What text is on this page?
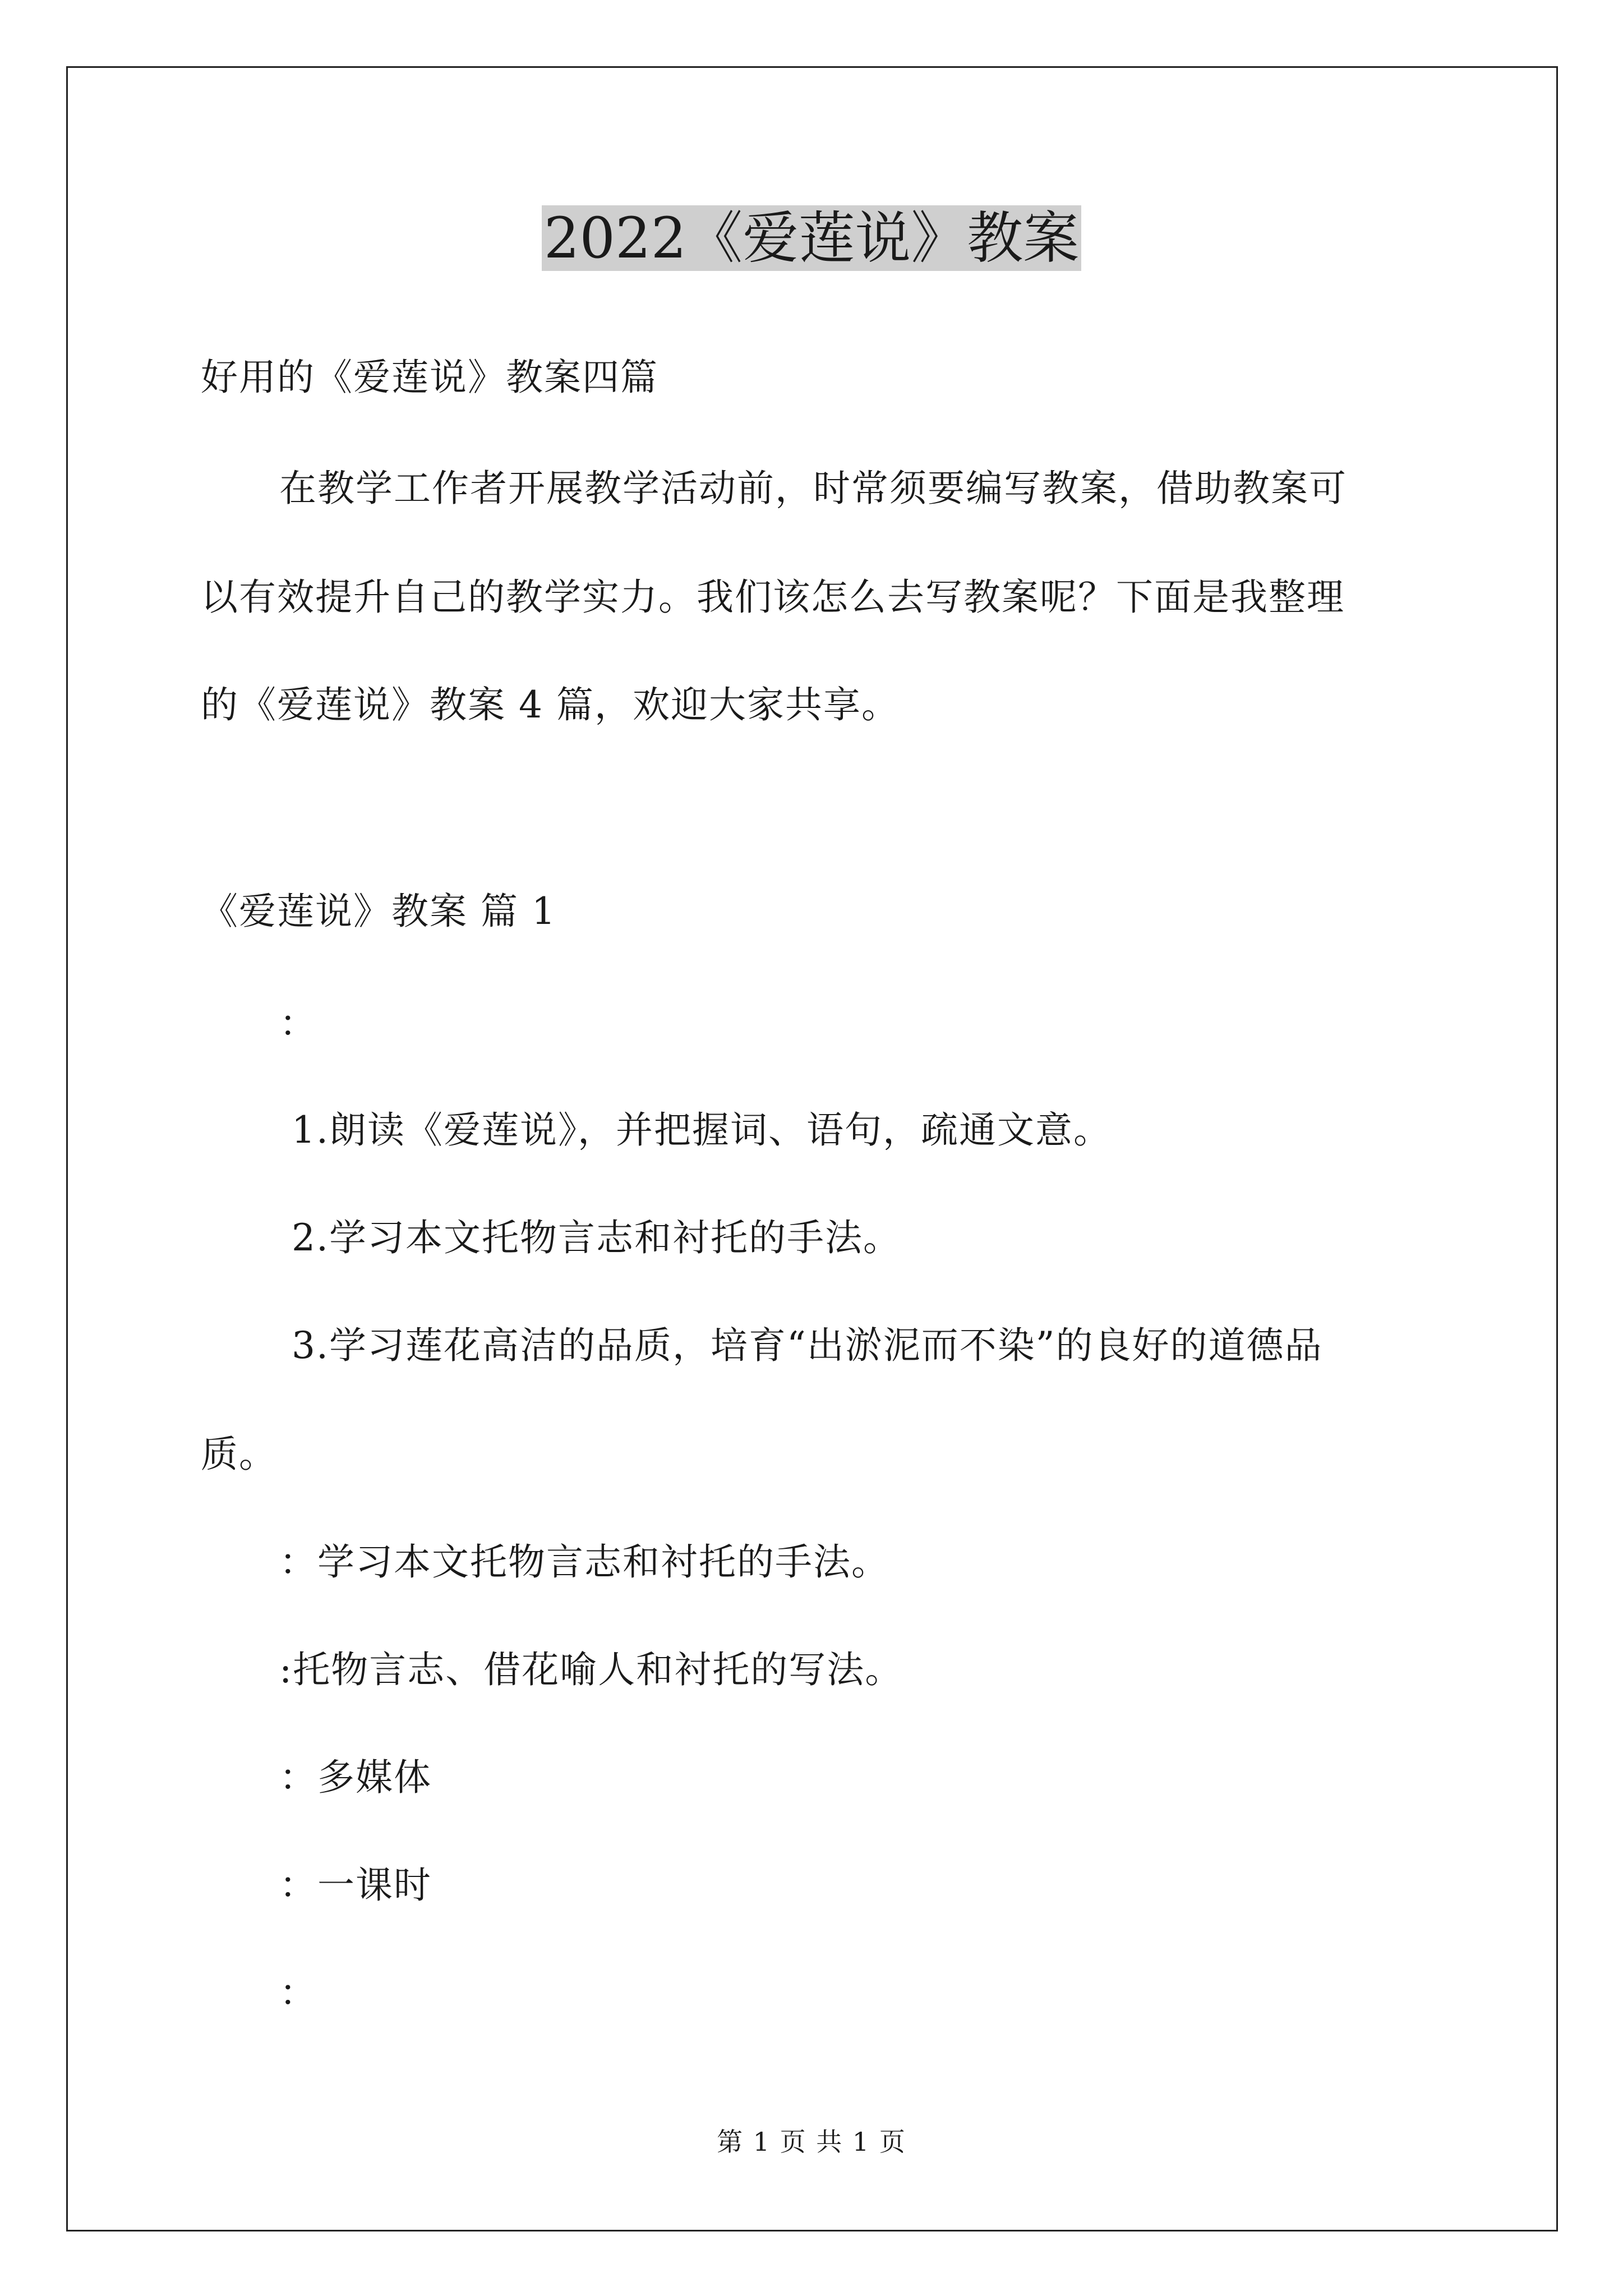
2022《爱莲说》教案
好用的《爱莲说》教案四篇
在教学工作者开展教学活动前，时常须要编写教案，借助教案可
以有效提升自己的教学实力。我们该怎么去写教案呢？下面是我整理
的《爱莲说》教案 4 篇，欢迎大家共享。
《爱莲说》教案 篇 1
：
1.朗读《爱莲说》，并把握词、语句，疏通文意。
2.学习本文托物言志和衬托的手法。
3.学习莲花高洁的品质，培育“出淤泥而不染”的良好的道德品
质。
：学习本文托物言志和衬托的手法。
:托物言志、借花喻人和衬托的写法。
：多媒体
：一课时
：
第 1 页 共 1 页
